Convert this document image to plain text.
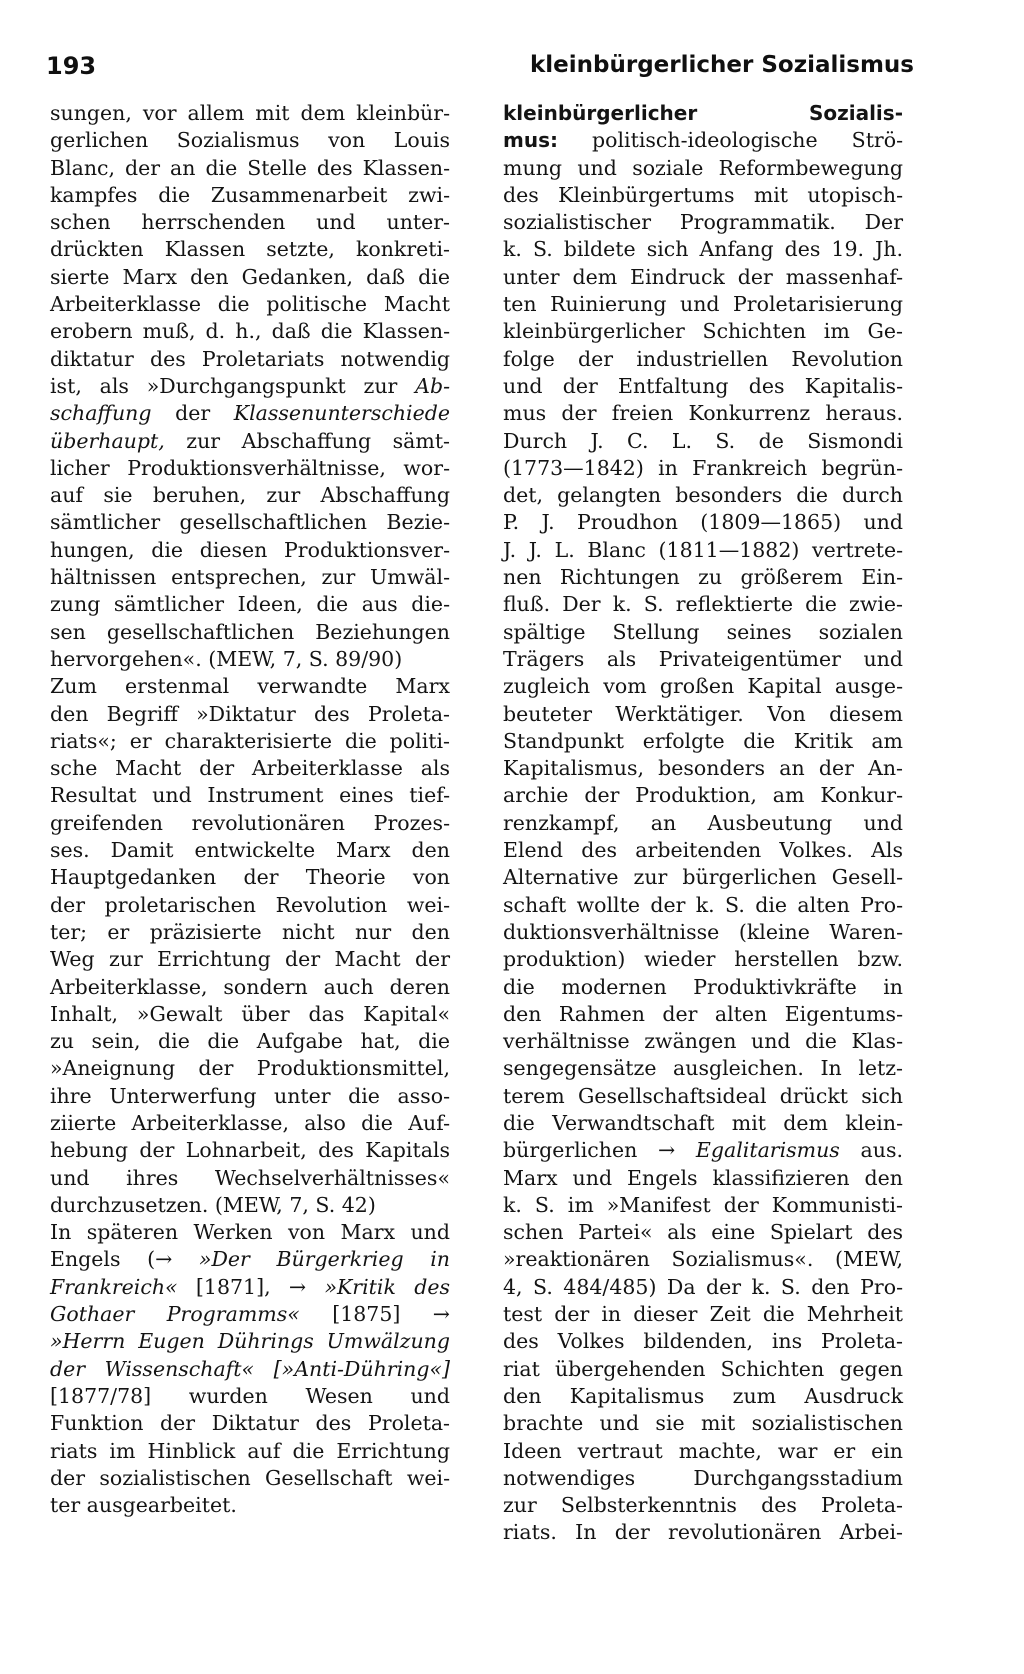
193	kleinbürgerlicher Sozialismus
sungen, vor allem mit dem kleinbür-
gerlichen Sozialismus von Louis
Blanc, der an die Stelle des Klassen-
kampfes die Zusammenarbeit zwi-
schen herrschenden und unter-
drückten Klassen setzte, konkreti-
sierte Marx den Gedanken, daß die
Arbeiterklasse die politische Macht
erobern muß, d. h., daß die Klassen-
diktatur des Proletariats notwendig
ist, als »Durchgangspunkt zur Ab-
schaffung der Klassenunterschiede
überhaupt, zur Abschaffung sämt-
licher Produktionsverhältnisse, wor-
auf sie beruhen, zur Abschaffung
sämtlicher gesellschaftlichen Bezie-
hungen, die diesen Produktionsver-
hältnissen entsprechen, zur Umwäl-
zung sämtlicher Ideen, die aus die-
sen gesellschaftlichen Beziehungen
hervorgehen«. (MEW, 7, S. 89/90)
Zum erstenmal verwandte Marx
den Begriff »Diktatur des Proleta-
riats«; er charakterisierte die politi-
sche Macht der Arbeiterklasse als
Resultat und Instrument eines tief-
greifenden revolutionären Prozes-
ses. Damit entwickelte Marx den
Hauptgedanken der Theorie von
der proletarischen Revolution wei-
ter; er präzisierte nicht nur den
Weg zur Errichtung der Macht der
Arbeiterklasse, sondern auch deren
Inhalt, »Gewalt über das Kapital«
zu sein, die die Aufgabe hat, die
»Aneignung der Produktionsmittel,
ihre Unterwerfung unter die asso-
ziierte Arbeiterklasse, also die Auf-
hebung der Lohnarbeit, des Kapitals
und ihres Wechselverhältnisses«
durchzusetzen. (MEW, 7, S. 42)
In späteren Werken von Marx und
Engels (→ »Der Bürgerkrieg in
Frankreich« [1871], → »Kritik des
Gothaer Programms« [1875] →
»Herrn Eugen Dührings Umwälzung
der Wissenschaft« [»Anti-Dühring«]
[1877/78] wurden Wesen und
Funktion der Diktatur des Proleta-
riats im Hinblick auf die Errichtung
der sozialistischen Gesellschaft wei-
ter ausgearbeitet.
kleinbürgerlicher Sozialis-
mus: politisch-ideologische Strö-
mung und soziale Reformbewegung
des Kleinbürgertums mit utopisch-
sozialistischer Programmatik. Der
k. S. bildete sich Anfang des 19. Jh.
unter dem Eindruck der massenhaf-
ten Ruinierung und Proletarisierung
kleinbürgerlicher Schichten im Ge-
folge der industriellen Revolution
und der Entfaltung des Kapitalis-
mus der freien Konkurrenz heraus.
Durch J. C. L. S. de Sismondi
(1773—1842) in Frankreich begrün-
det, gelangten besonders die durch
P. J. Proudhon (1809—1865) und
J. J. L. Blanc (1811—1882) vertrete-
nen Richtungen zu größerem Ein-
fluß. Der k. S. reflektierte die zwie-
spältige Stellung seines sozialen
Trägers als Privateigentümer und
zugleich vom großen Kapital ausge-
beuteter Werktätiger. Von diesem
Standpunkt erfolgte die Kritik am
Kapitalismus, besonders an der An-
archie der Produktion, am Konkur-
renzkampf, an Ausbeutung und
Elend des arbeitenden Volkes. Als
Alternative zur bürgerlichen Gesell-
schaft wollte der k. S. die alten Pro-
duktionsverhältnisse (kleine Waren-
produktion) wieder herstellen bzw.
die modernen Produktivkräfte in
den Rahmen der alten Eigentums-
verhältnisse zwängen und die Klas-
sengegensätze ausgleichen. In letz-
terem Gesellschaftsideal drückt sich
die Verwandtschaft mit dem klein-
bürgerlichen → Egalitarismus aus.
Marx und Engels klassifizieren den
k. S. im »Manifest der Kommunisti-
schen Partei« als eine Spielart des
»reaktionären Sozialismus«. (MEW,
4, S. 484/485) Da der k. S. den Pro-
test der in dieser Zeit die Mehrheit
des Volkes bildenden, ins Proleta-
riat übergehenden Schichten gegen
den Kapitalismus zum Ausdruck
brachte und sie mit sozialistischen
Ideen vertraut machte, war er ein
notwendiges Durchgangsstadium
zur Selbsterkenntnis des Proleta-
riats. In der revolutionären Arbei-
